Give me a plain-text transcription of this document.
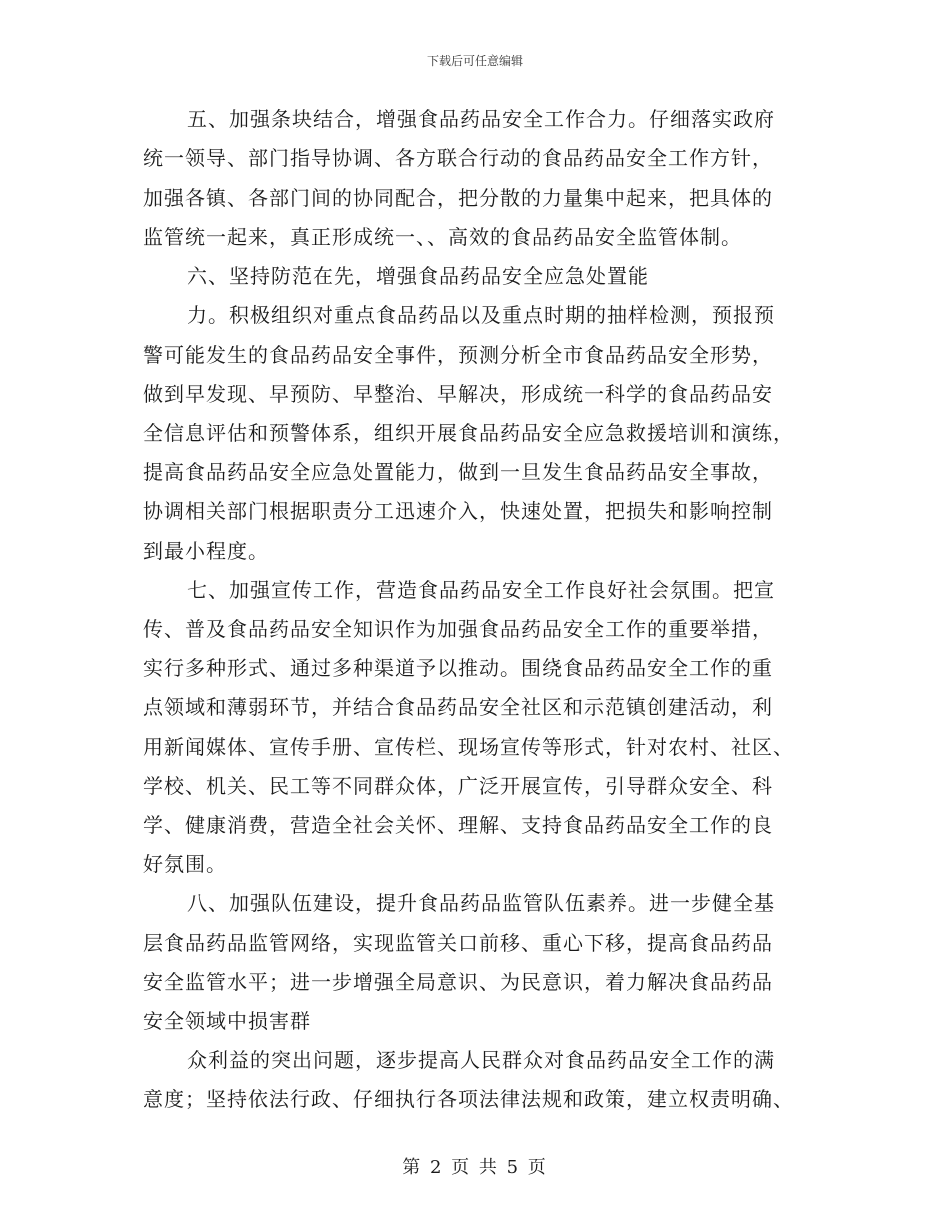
下载后可任意编辑
五、加强条块结合，增强食品药品安全工作合力。仔细落实政府
统一领导、部门指导协调、各方联合行动的食品药品安全工作方针，
加强各镇、各部门间的协同配合，把分散的力量集中起来，把具体的
监管统一起来，真正形成统一、、高效的食品药品安全监管体制。
六、坚持防范在先，增强食品药品安全应急处置能
力。积极组织对重点食品药品以及重点时期的抽样检测，预报预
警可能发生的食品药品安全事件，预测分析全市食品药品安全形势，
做到早发现、早预防、早整治、早解决，形成统一科学的食品药品安
全信息评估和预警体系，组织开展食品药品安全应急救援培训和演练，
提高食品药品安全应急处置能力，做到一旦发生食品药品安全事故，
协调相关部门根据职责分工迅速介入，快速处置，把损失和影响控制
到最小程度。
七、加强宣传工作，营造食品药品安全工作良好社会氛围。把宣
传、普及食品药品安全知识作为加强食品药品安全工作的重要举措，
实行多种形式、通过多种渠道予以推动。围绕食品药品安全工作的重
点领域和薄弱环节，并结合食品药品安全社区和示范镇创建活动，利
用新闻媒体、宣传手册、宣传栏、现场宣传等形式，针对农村、社区、
学校、机关、民工等不同群众体，广泛开展宣传，引导群众安全、科
学、健康消费，营造全社会关怀、理解、支持食品药品安全工作的良
好氛围。
八、加强队伍建设，提升食品药品监管队伍素养。进一步健全基
层食品药品监管网络，实现监管关口前移、重心下移，提高食品药品
安全监管水平；进一步增强全局意识、为民意识，着力解决食品药品
安全领域中损害群
众利益的突出问题，逐步提高人民群众对食品药品安全工作的满
意度；坚持依法行政、仔细执行各项法律法规和政策，建立权责明确、
第 2 页 共 5 页
